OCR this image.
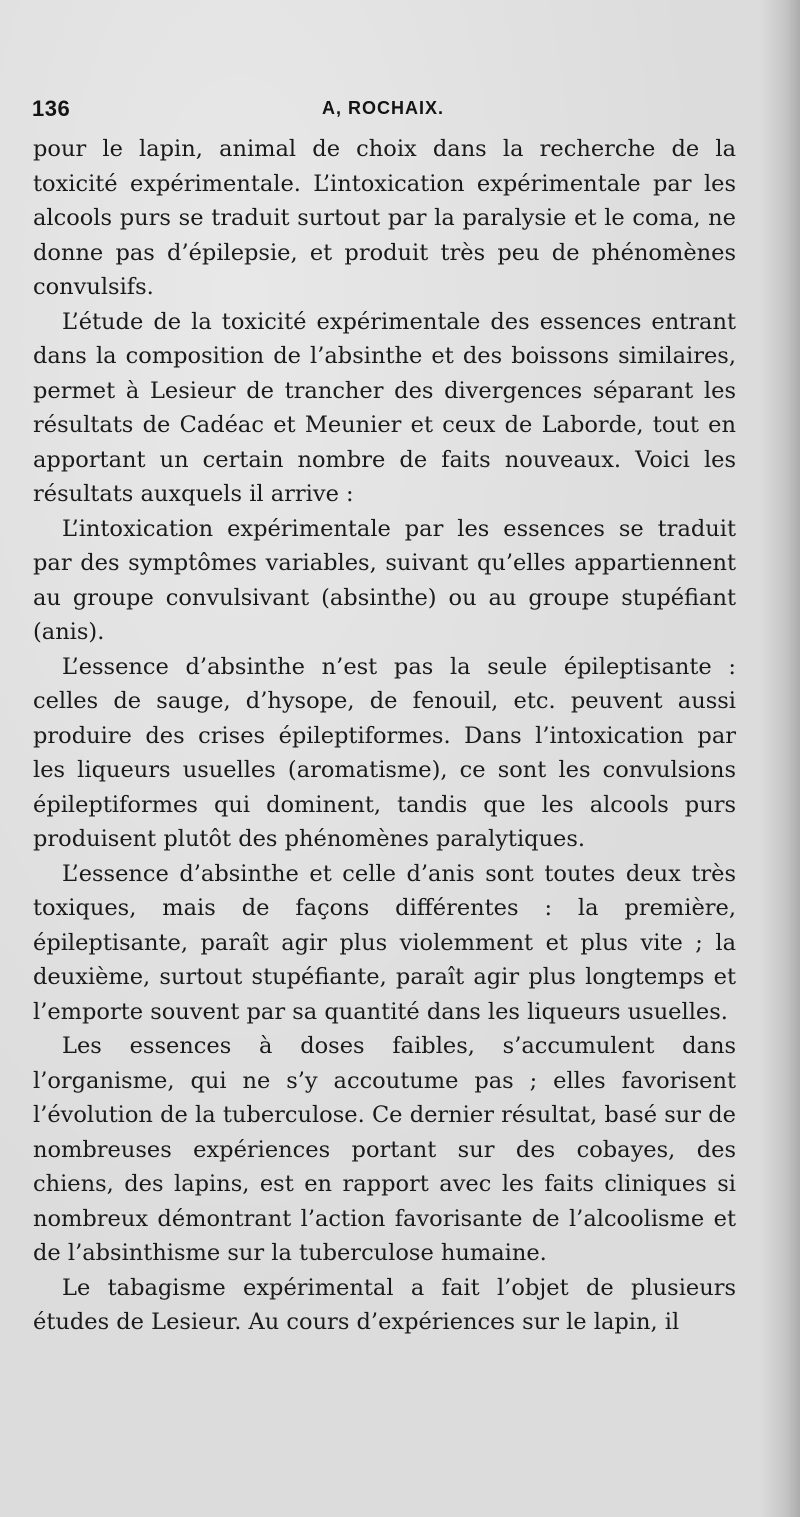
136	A, ROCHAIX.

pour le lapin, animal de choix dans la recherche de la toxicité expérimentale. L’intoxication expérimentale par les alcools purs se traduit surtout par la paralysie et le coma, ne donne pas d’épilepsie, et produit très peu de phénomènes convulsifs.

L’étude de la toxicité expérimentale des essences entrant dans la composition de l’absinthe et des boissons similaires, permet à Lesieur de trancher des divergences séparant les résultats de Cadéac et Meunier et ceux de Laborde, tout en apportant un certain nombre de faits nouveaux. Voici les résultats auxquels il arrive :

L’intoxication expérimentale par les essences se traduit par des symptômes variables, suivant qu’elles appartiennent au groupe convulsivant (absinthe) ou au groupe stupéfiant (anis).

L’essence d’absinthe n’est pas la seule épileptisante : celles de sauge, d’hysope, de fenouil, etc. peuvent aussi produire des crises épileptiformes. Dans l’intoxication par les liqueurs usuelles (aromatisme), ce sont les convulsions épileptiformes qui dominent, tandis que les alcools purs produisent plutôt des phénomènes paralytiques.

L’essence d’absinthe et celle d’anis sont toutes deux très toxiques, mais de façons différentes : la première, épileptisante, paraît agir plus violemment et plus vite ; la deuxième, surtout stupéfiante, paraît agir plus longtemps et l’emporte souvent par sa quantité dans les liqueurs usuelles.

Les essences à doses faibles, s’accumulent dans l’organisme, qui ne s’y accoutume pas ; elles favorisent l’évolution de la tuberculose. Ce dernier résultat, basé sur de nombreuses expériences portant sur des cobayes, des chiens, des lapins, est en rapport avec les faits cliniques si nombreux démontrant l’action favorisante de l’alcoolisme et de l’absinthisme sur la tuberculose humaine.

Le tabagisme expérimental a fait l’objet de plusieurs études de Lesieur. Au cours d’expériences sur le lapin, il
